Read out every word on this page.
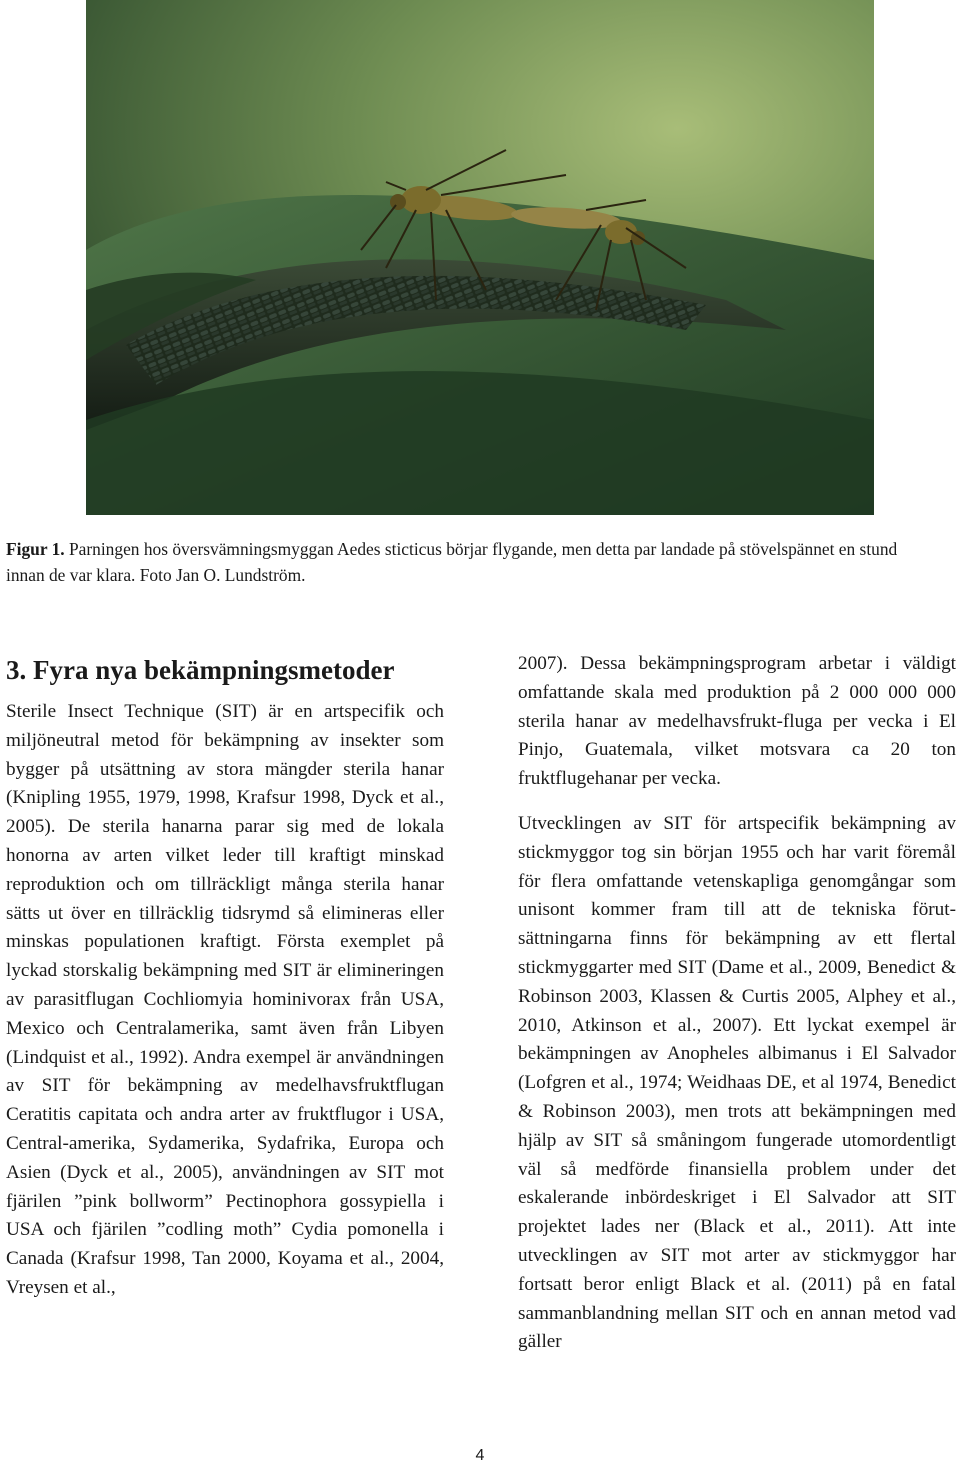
Figur 1. Parningen hos översvämningsmyggan Aedes sticticus börjar flygande, men detta par landade på stövelspännet en stund innan de var klara. Foto Jan O. Lundström.
3. Fyra nya bekämpningsmetoder

Sterile Insect Technique (SIT) är en artspecifik och miljöneutral metod för bekämpning av insekter som bygger på utsättning av stora mängder sterila hanar (Knipling 1955, 1979, 1998, Krafsur 1998, Dyck et al., 2005). De sterila hanarna parar sig med de lokala honorna av arten vilket leder till kraftigt minskad reproduktion och om tillräckligt många sterila hanar sätts ut över en tillräcklig tidsrymd så elimineras eller minskas populationen kraftigt. Första exemplet på lyckad storskalig bekämpning med SIT är elimineringen av parasitflugan Cochliomyia hominivorax från USA, Mexico och Centralamerika, samt även från Libyen (Lindquist et al., 1992). Andra exempel är användningen av SIT för bekämpning av medelhavsfruktflugan Ceratitis capitata och andra arter av fruktflugor i USA, Central-amerika, Sydamerika, Sydafrika, Europa och Asien (Dyck et al., 2005), användningen av SIT mot fjärilen ”pink bollworm” Pectinophora gossypiella i USA och fjärilen ”codling moth” Cydia pomonella i Canada (Krafsur 1998, Tan 2000, Koyama et al., 2004, Vreysen et al.,

2007). Dessa bekämpningsprogram arbetar i väldigt omfattande skala med produktion på 2 000 000 000 sterila hanar av medelhavsfrukt-fluga per vecka i El Pinjo, Guatemala, vilket motsvara ca 20 ton fruktflugehanar per vecka.

Utvecklingen av SIT för artspecifik bekämpning av stickmyggor tog sin början 1955 och har varit föremål för flera omfattande vetenskapliga genomgångar som unisont kommer fram till att de tekniska förut-sättningarna finns för bekämpning av ett flertal stickmyggarter med SIT (Dame et al., 2009, Benedict & Robinson 2003, Klassen & Curtis 2005, Alphey et al., 2010, Atkinson et al., 2007). Ett lyckat exempel är bekämpningen av Anopheles albimanus i El Salvador (Lofgren et al., 1974; Weidhaas DE, et al 1974, Benedict & Robinson 2003), men trots att bekämpningen med hjälp av SIT så småningom fungerade utomordentligt väl så medförde finansiella problem under det eskalerande inbördeskriget i El Salvador att SIT projektet lades ner (Black et al., 2011). Att inte utvecklingen av SIT mot arter av stickmyggor har fortsatt beror enligt Black et al. (2011) på en fatal sammanblandning mellan SIT och en annan metod vad gäller

4
